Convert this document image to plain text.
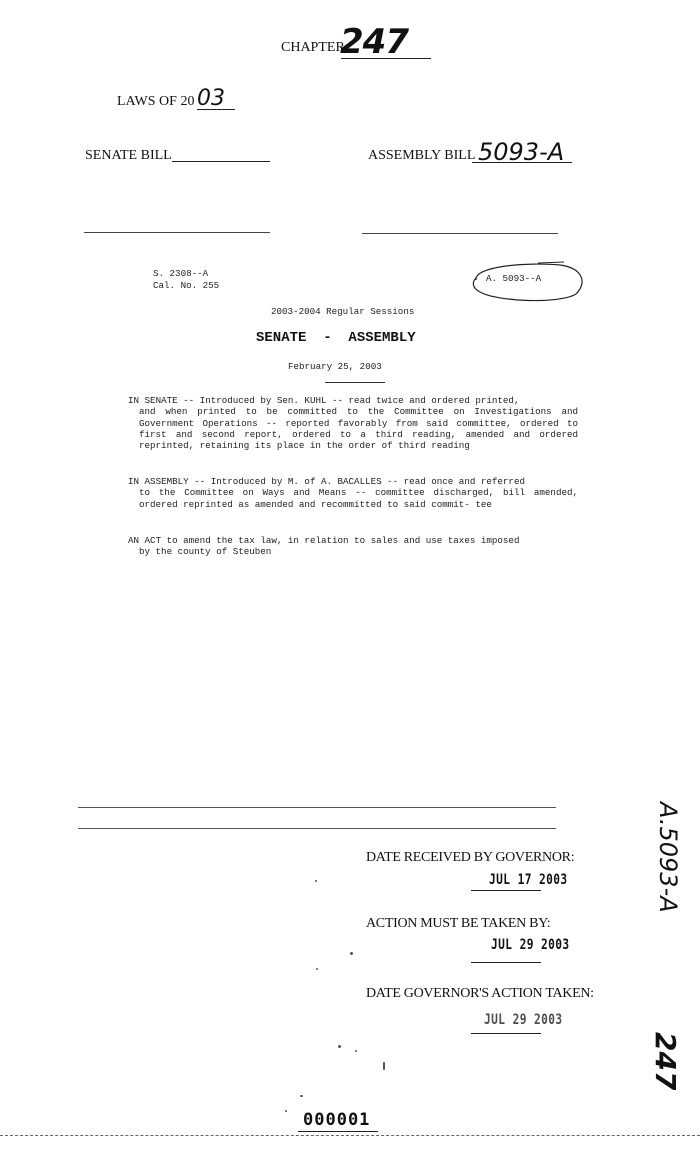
CHAPTER
247
LAWS OF 20 03
SENATE BILL	ASSEMBLY BILL 5093-A
S. 2308--A
Cal. No. 255
A. 5093--A
2003-2004 Regular Sessions
SENATE  -  ASSEMBLY
February 25, 2003
IN SENATE -- Introduced by Sen. KUHL -- read twice and ordered printed,
and when printed to be committed to the Committee on Investigations and Government Operations -- reported favorably from said committee, ordered to first and second report, ordered to a third reading, amended and ordered reprinted, retaining its place in the order of third reading
IN ASSEMBLY -- Introduced by M. of A. BACALLES -- read once and referred
to the Committee on Ways and Means -- committee discharged, bill amended, ordered reprinted as amended and recommitted to said commit- tee
AN ACT to amend the tax law, in relation to sales and use taxes imposed
by the county of Steuben
DATE RECEIVED BY GOVERNOR:
JUL 17 2003
ACTION MUST BE TAKEN BY:
JUL 29 2003
DATE GOVERNOR'S ACTION TAKEN:
JUL 29 2003
A.5093-A
247
000001
